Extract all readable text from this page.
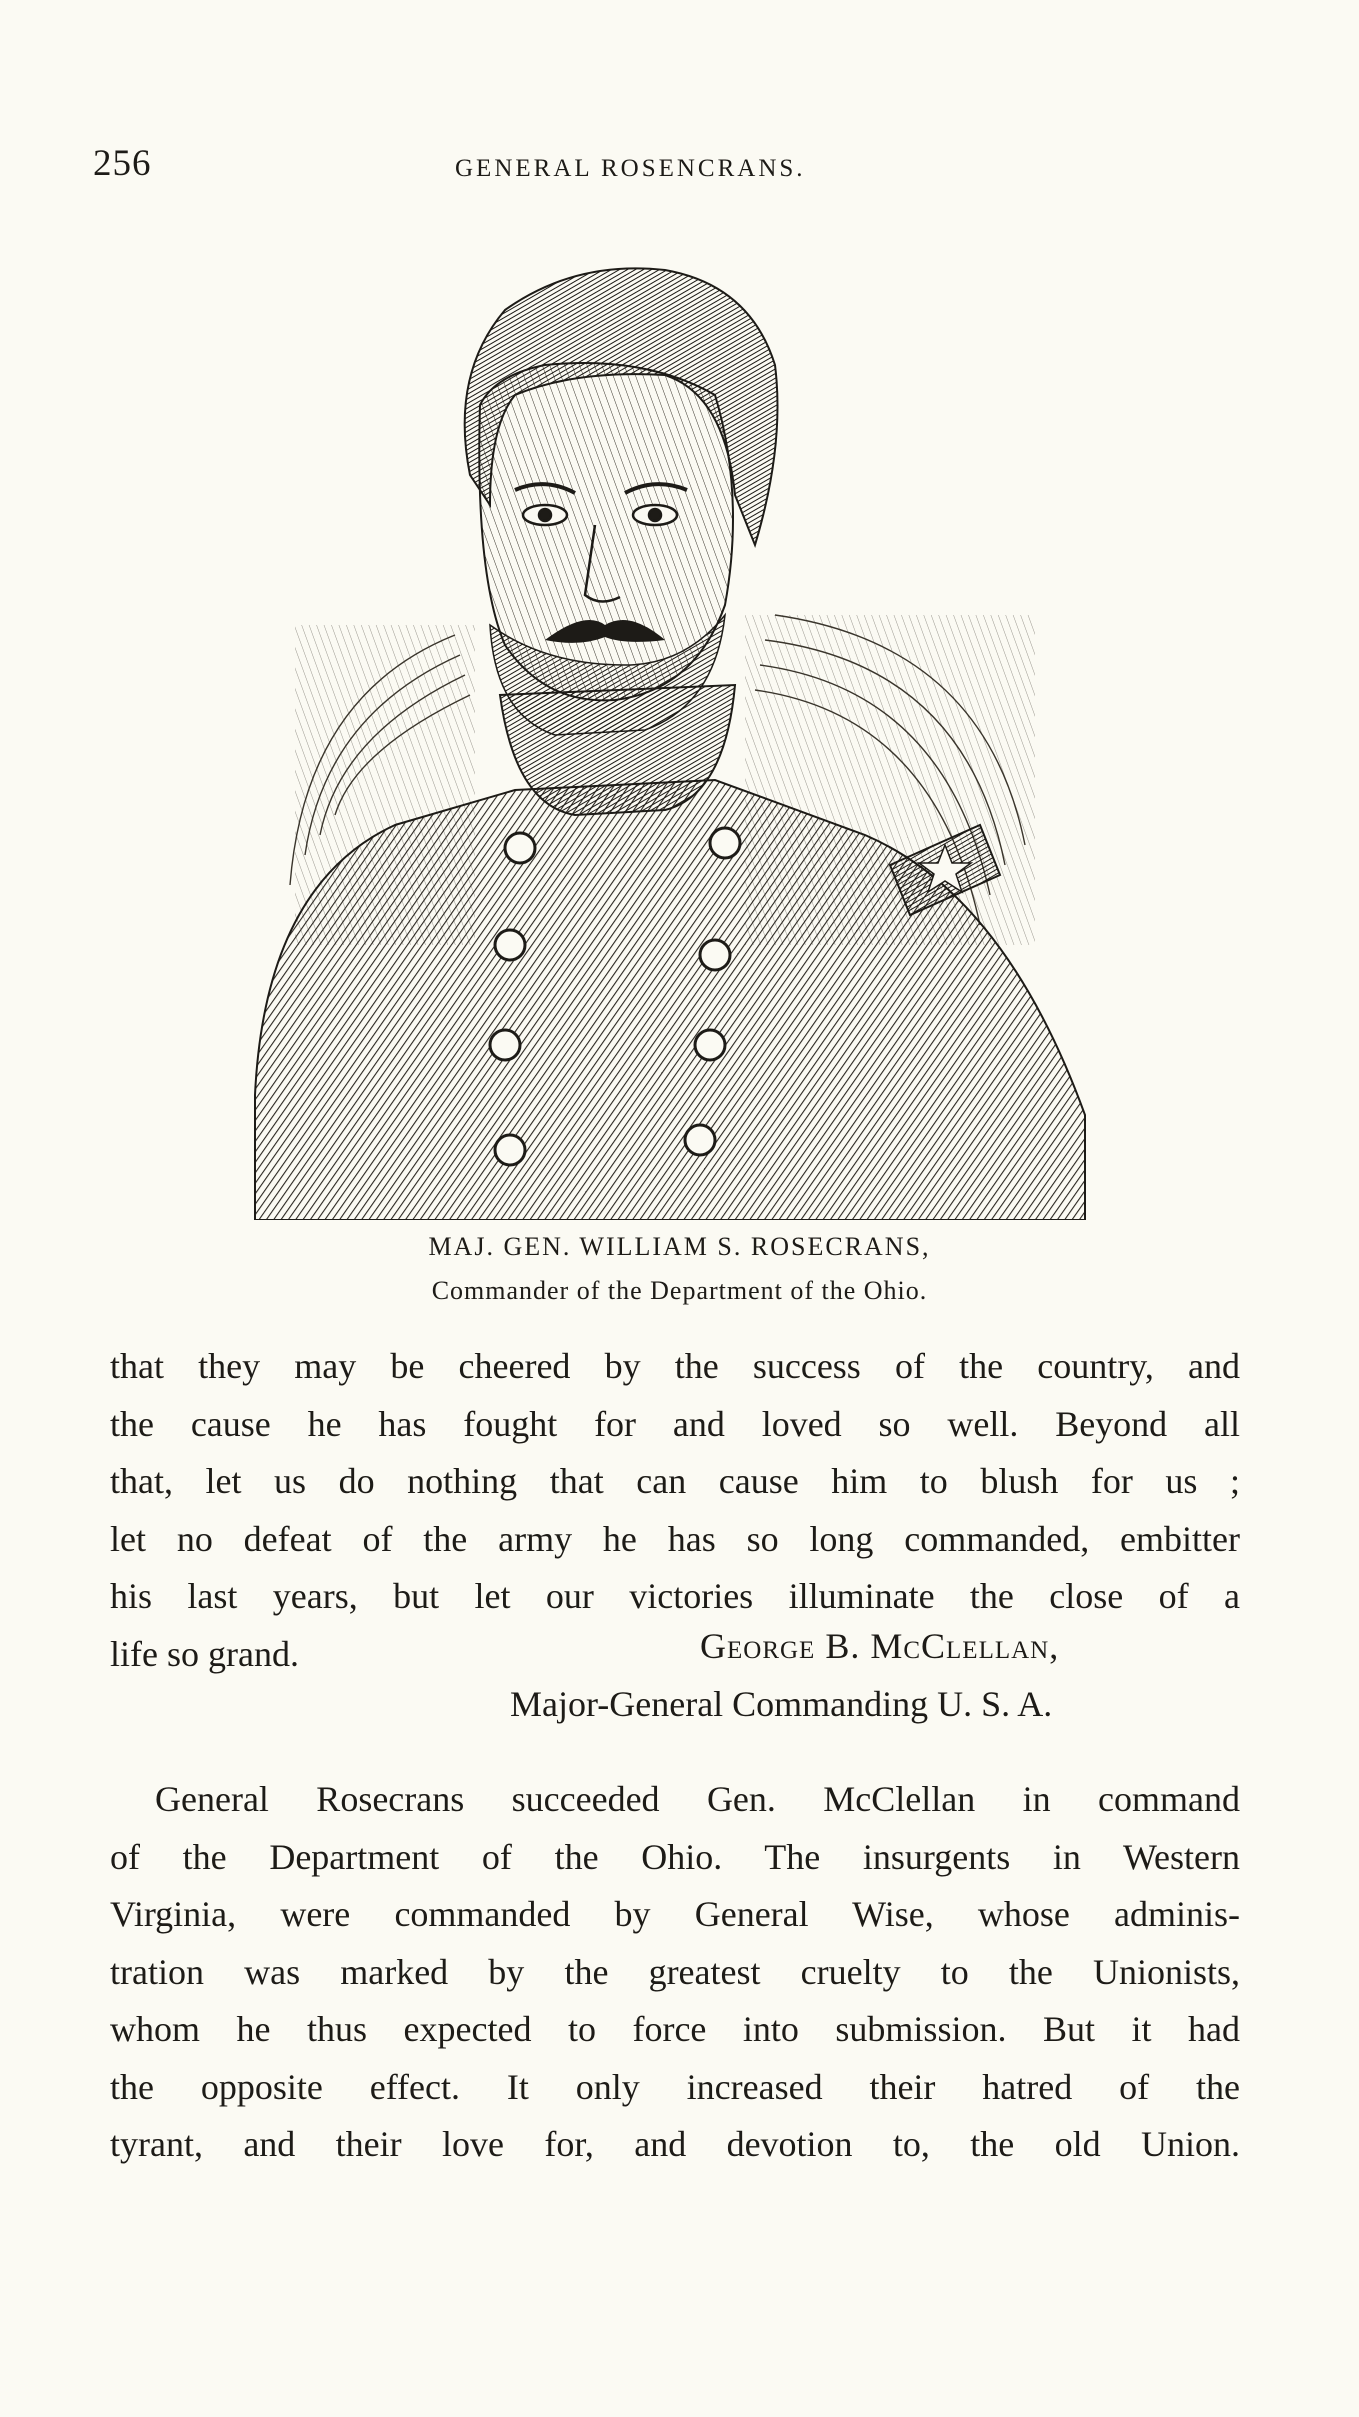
256	GENERAL ROSENCRANS.
MAJ. GEN. WILLIAM S. ROSECRANS,
Commander of the Department of the Ohio.
that they may be cheered by the success of the country, and
the cause he has fought for and loved so well. Beyond all
that, let us do nothing that can cause him to blush for us ;
let no defeat of the army he has so long commanded, embitter
his last years, but let our victories illuminate the close of a
life so grand.	George B. McClellan,
Major-General Commanding U. S. A.
General Rosecrans succeeded Gen. McClellan in command
of the Department of the Ohio. The insurgents in Western
Virginia, were commanded by General Wise, whose adminis-
tration was marked by the greatest cruelty to the Unionists,
whom he thus expected to force into submission. But it had
the opposite effect. It only increased their hatred of the
tyrant, and their love for, and devotion to, the old Union.
